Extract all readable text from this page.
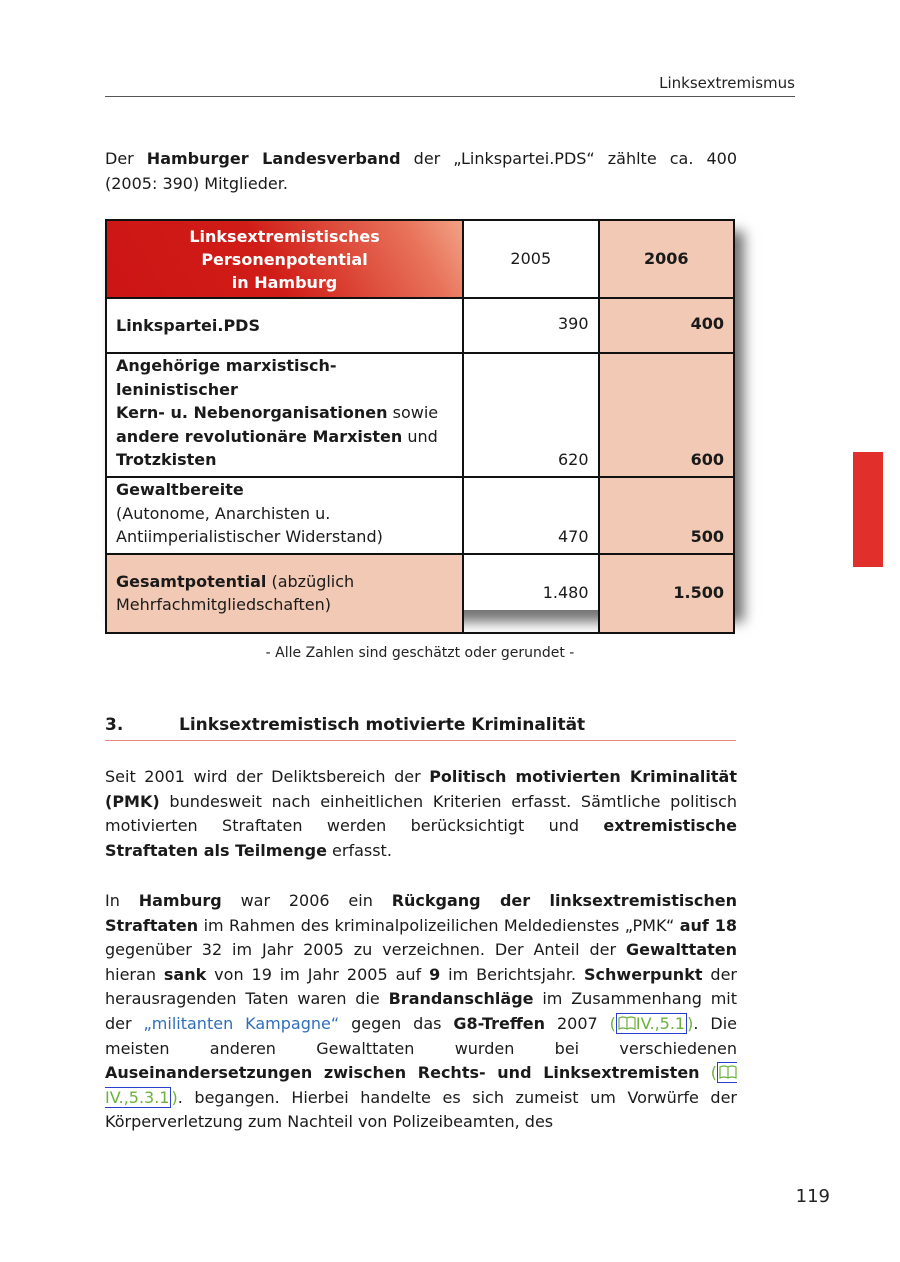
Linksextremismus

Der Hamburger Landesverband der „Linkspartei.PDS“ zählte ca. 400 (2005: 390) Mitglieder.

Linksextremistisches
Personenpotential
in Hamburg	2005	2006
Linkspartei.PDS	390	400

Angehörige marxistisch-leninistischer
Kern- u. Nebenorganisationen sowie
andere revolutionäre Marxisten und
Trotzkisten	620	600

Gewaltbereite
(Autonome, Anarchisten u.
Antiimperialistischer Widerstand)	470	500

Gesamtpotential (abzüglich
Mehrfachmitgliedschaften)	1.480	1.500
- Alle Zahlen sind geschätzt oder gerundet -
3.	Linksextremistisch motivierte Kriminalität

Seit 2001 wird der Deliktsbereich der Politisch motivierten Kriminalität (PMK) bundesweit nach einheitlichen Kriterien erfasst. Sämtliche politisch motivierten Straftaten werden berücksichtigt und extremistische Straftaten als Teilmenge erfasst.

In Hamburg war 2006 ein Rückgang der linksextremistischen Straftaten im Rahmen des kriminalpolizeilichen Meldedienstes „PMK“ auf 18 gegenüber 32 im Jahr 2005 zu verzeichnen. Der Anteil der Gewalttaten hieran sank von 19 im Jahr 2005 auf 9 im Berichtsjahr. Schwerpunkt der herausragenden Taten waren die Brandanschläge im Zusammenhang mit der „militanten Kampagne“ gegen das G8-Treffen 2007 ( IV.,5.1 ). Die meisten anderen Gewalttaten wurden bei verschiedenen Auseinandersetzungen zwischen Rechts- und Linksextremisten (IV.,5.3.1 ). begangen. Hierbei handelte es sich zumeist um Vorwürfe der Körperverletzung zum Nachteil von Polizeibeamten, des

119
